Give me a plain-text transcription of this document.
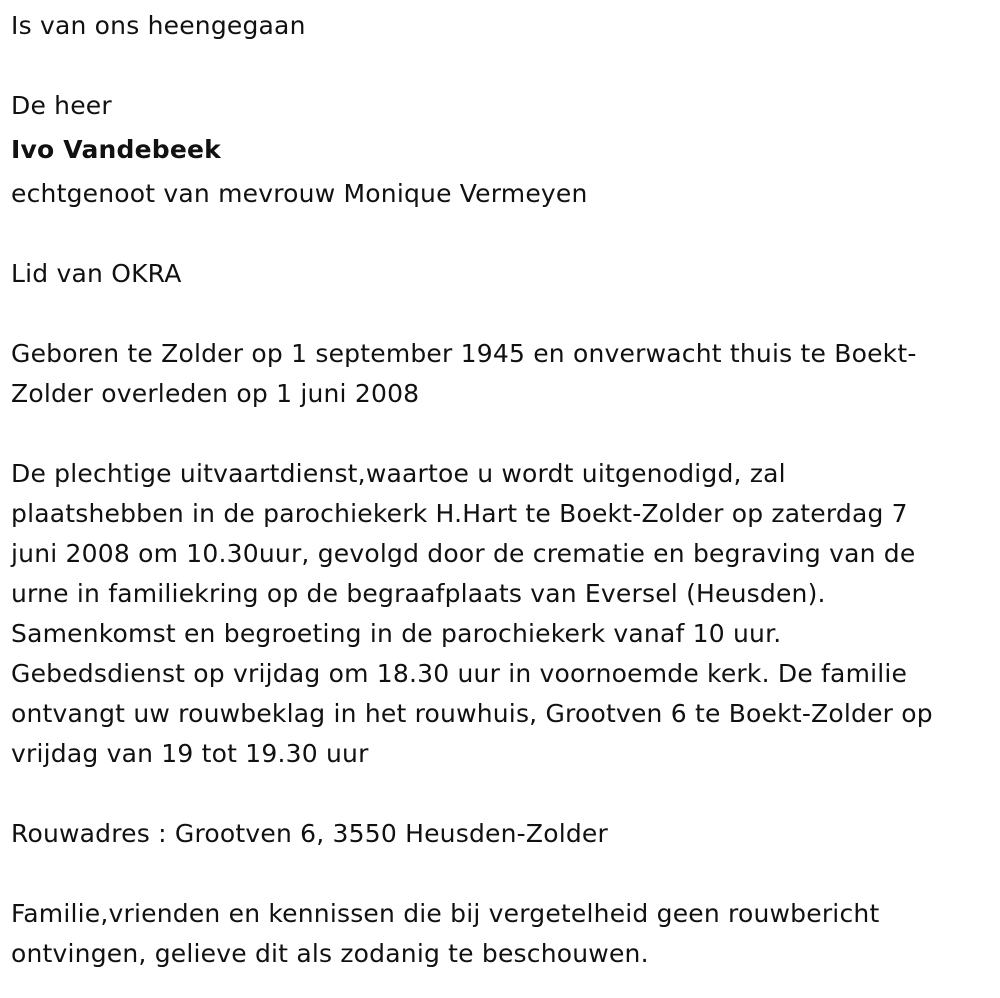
Is van ons heengegaan
De heer
Ivo Vandebeek
echtgenoot van mevrouw Monique Vermeyen
Lid van OKRA
Geboren te Zolder op 1 september 1945 en onverwacht thuis te Boekt-
Zolder overleden op 1 juni 2008
De plechtige uitvaartdienst,waartoe u wordt uitgenodigd, zal
plaatshebben in de parochiekerk H.Hart te Boekt-Zolder op zaterdag 7
juni 2008 om 10.30uur, gevolgd door de crematie en begraving van de
urne in familiekring op de begraafplaats van Eversel (Heusden).
Samenkomst en begroeting in de parochiekerk vanaf 10 uur.
Gebedsdienst op vrijdag om 18.30 uur in voornoemde kerk. De familie
ontvangt uw rouwbeklag in het rouwhuis, Grootven 6 te Boekt-Zolder op
vrijdag van 19 tot 19.30 uur
Rouwadres : Grootven 6, 3550 Heusden-Zolder
Familie,vrienden en kennissen die bij vergetelheid geen rouwbericht
ontvingen, gelieve dit als zodanig te beschouwen.
